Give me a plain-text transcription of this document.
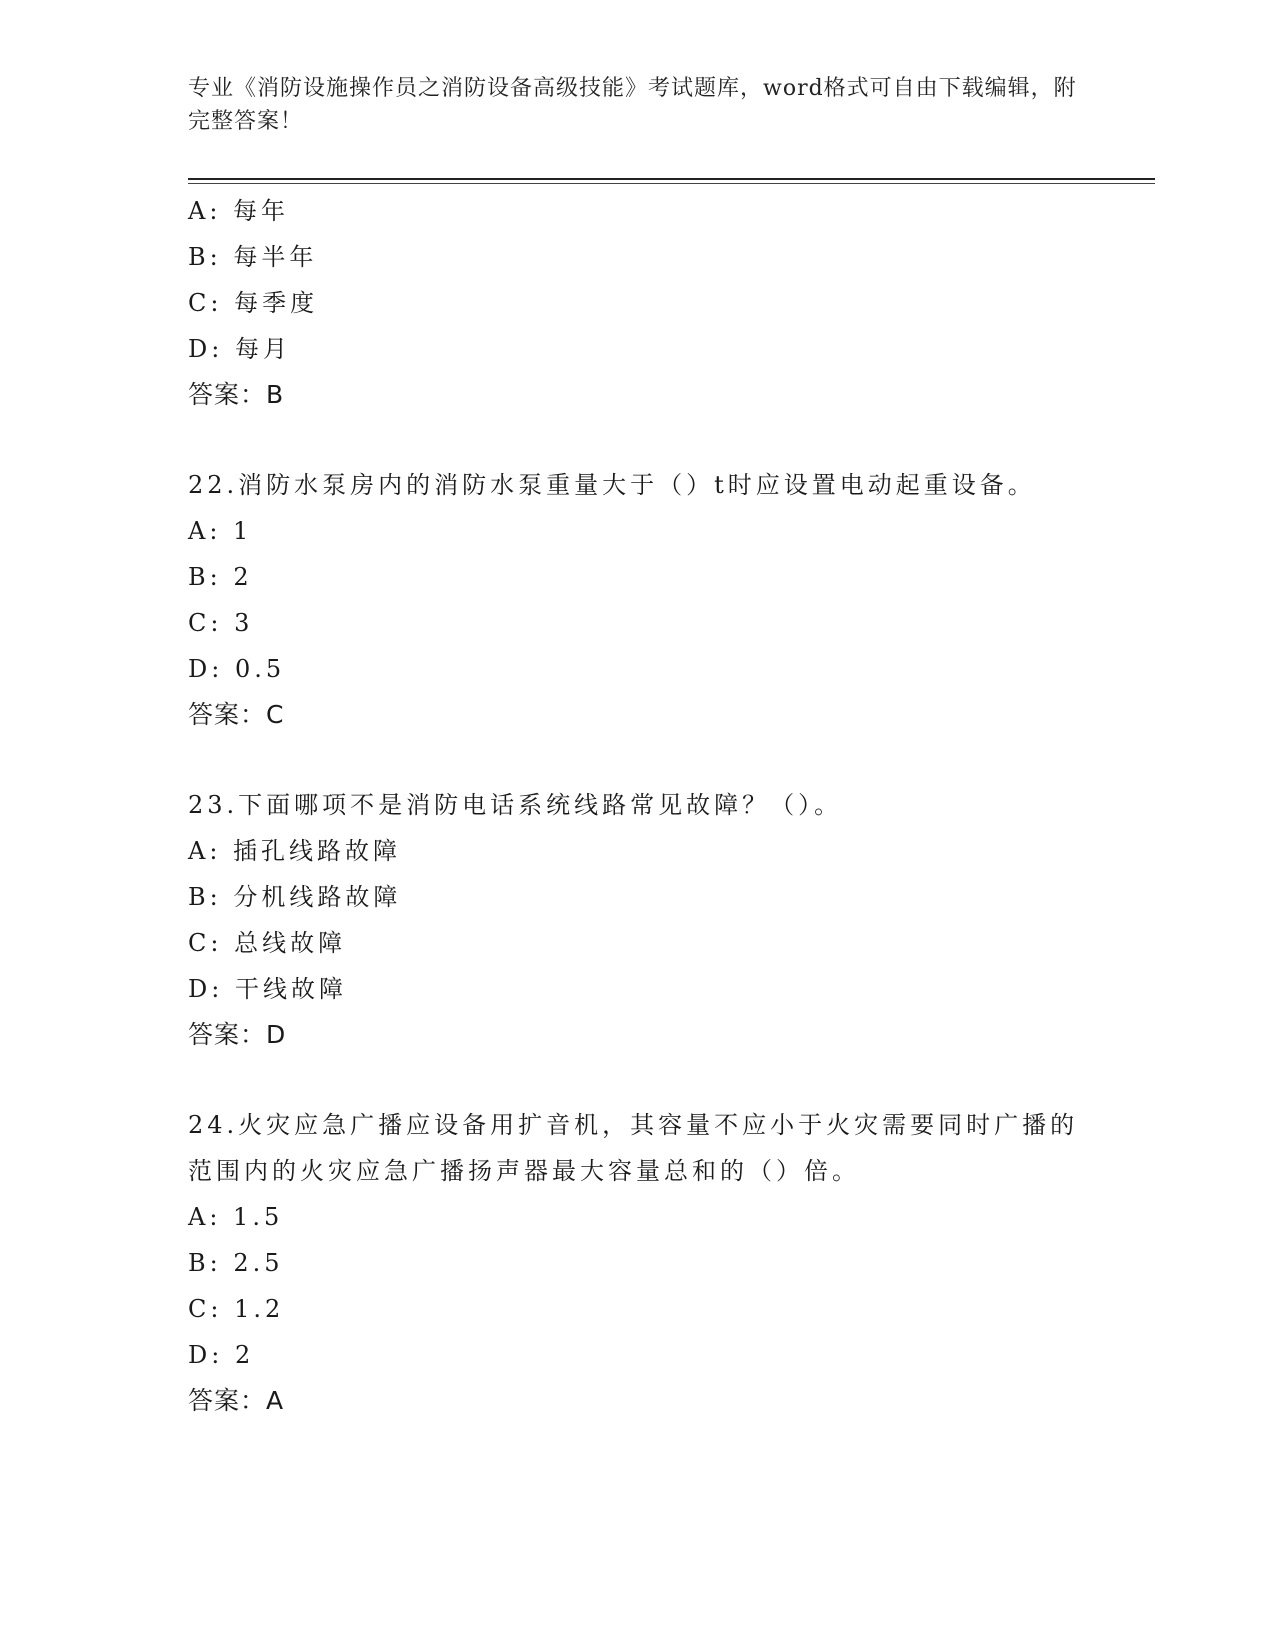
专业《消防设施操作员之消防设备高级技能》考试题库，word格式可自由下载编辑，附完整答案！
A: 每年
B: 每半年
C: 每季度
D: 每月
答案：B
22.消防水泵房内的消防水泵重量大于（）t时应设置电动起重设备。
A: 1
B: 2
C: 3
D: 0.5
答案：C
23.下面哪项不是消防电话系统线路常见故障？（）。
A: 插孔线路故障
B: 分机线路故障
C: 总线故障
D: 干线故障
答案：D
24.火灾应急广播应设备用扩音机，其容量不应小于火灾需要同时广播的范围内的火灾应急广播扬声器最大容量总和的（）倍。
A: 1.5
B: 2.5
C: 1.2
D: 2
答案：A
